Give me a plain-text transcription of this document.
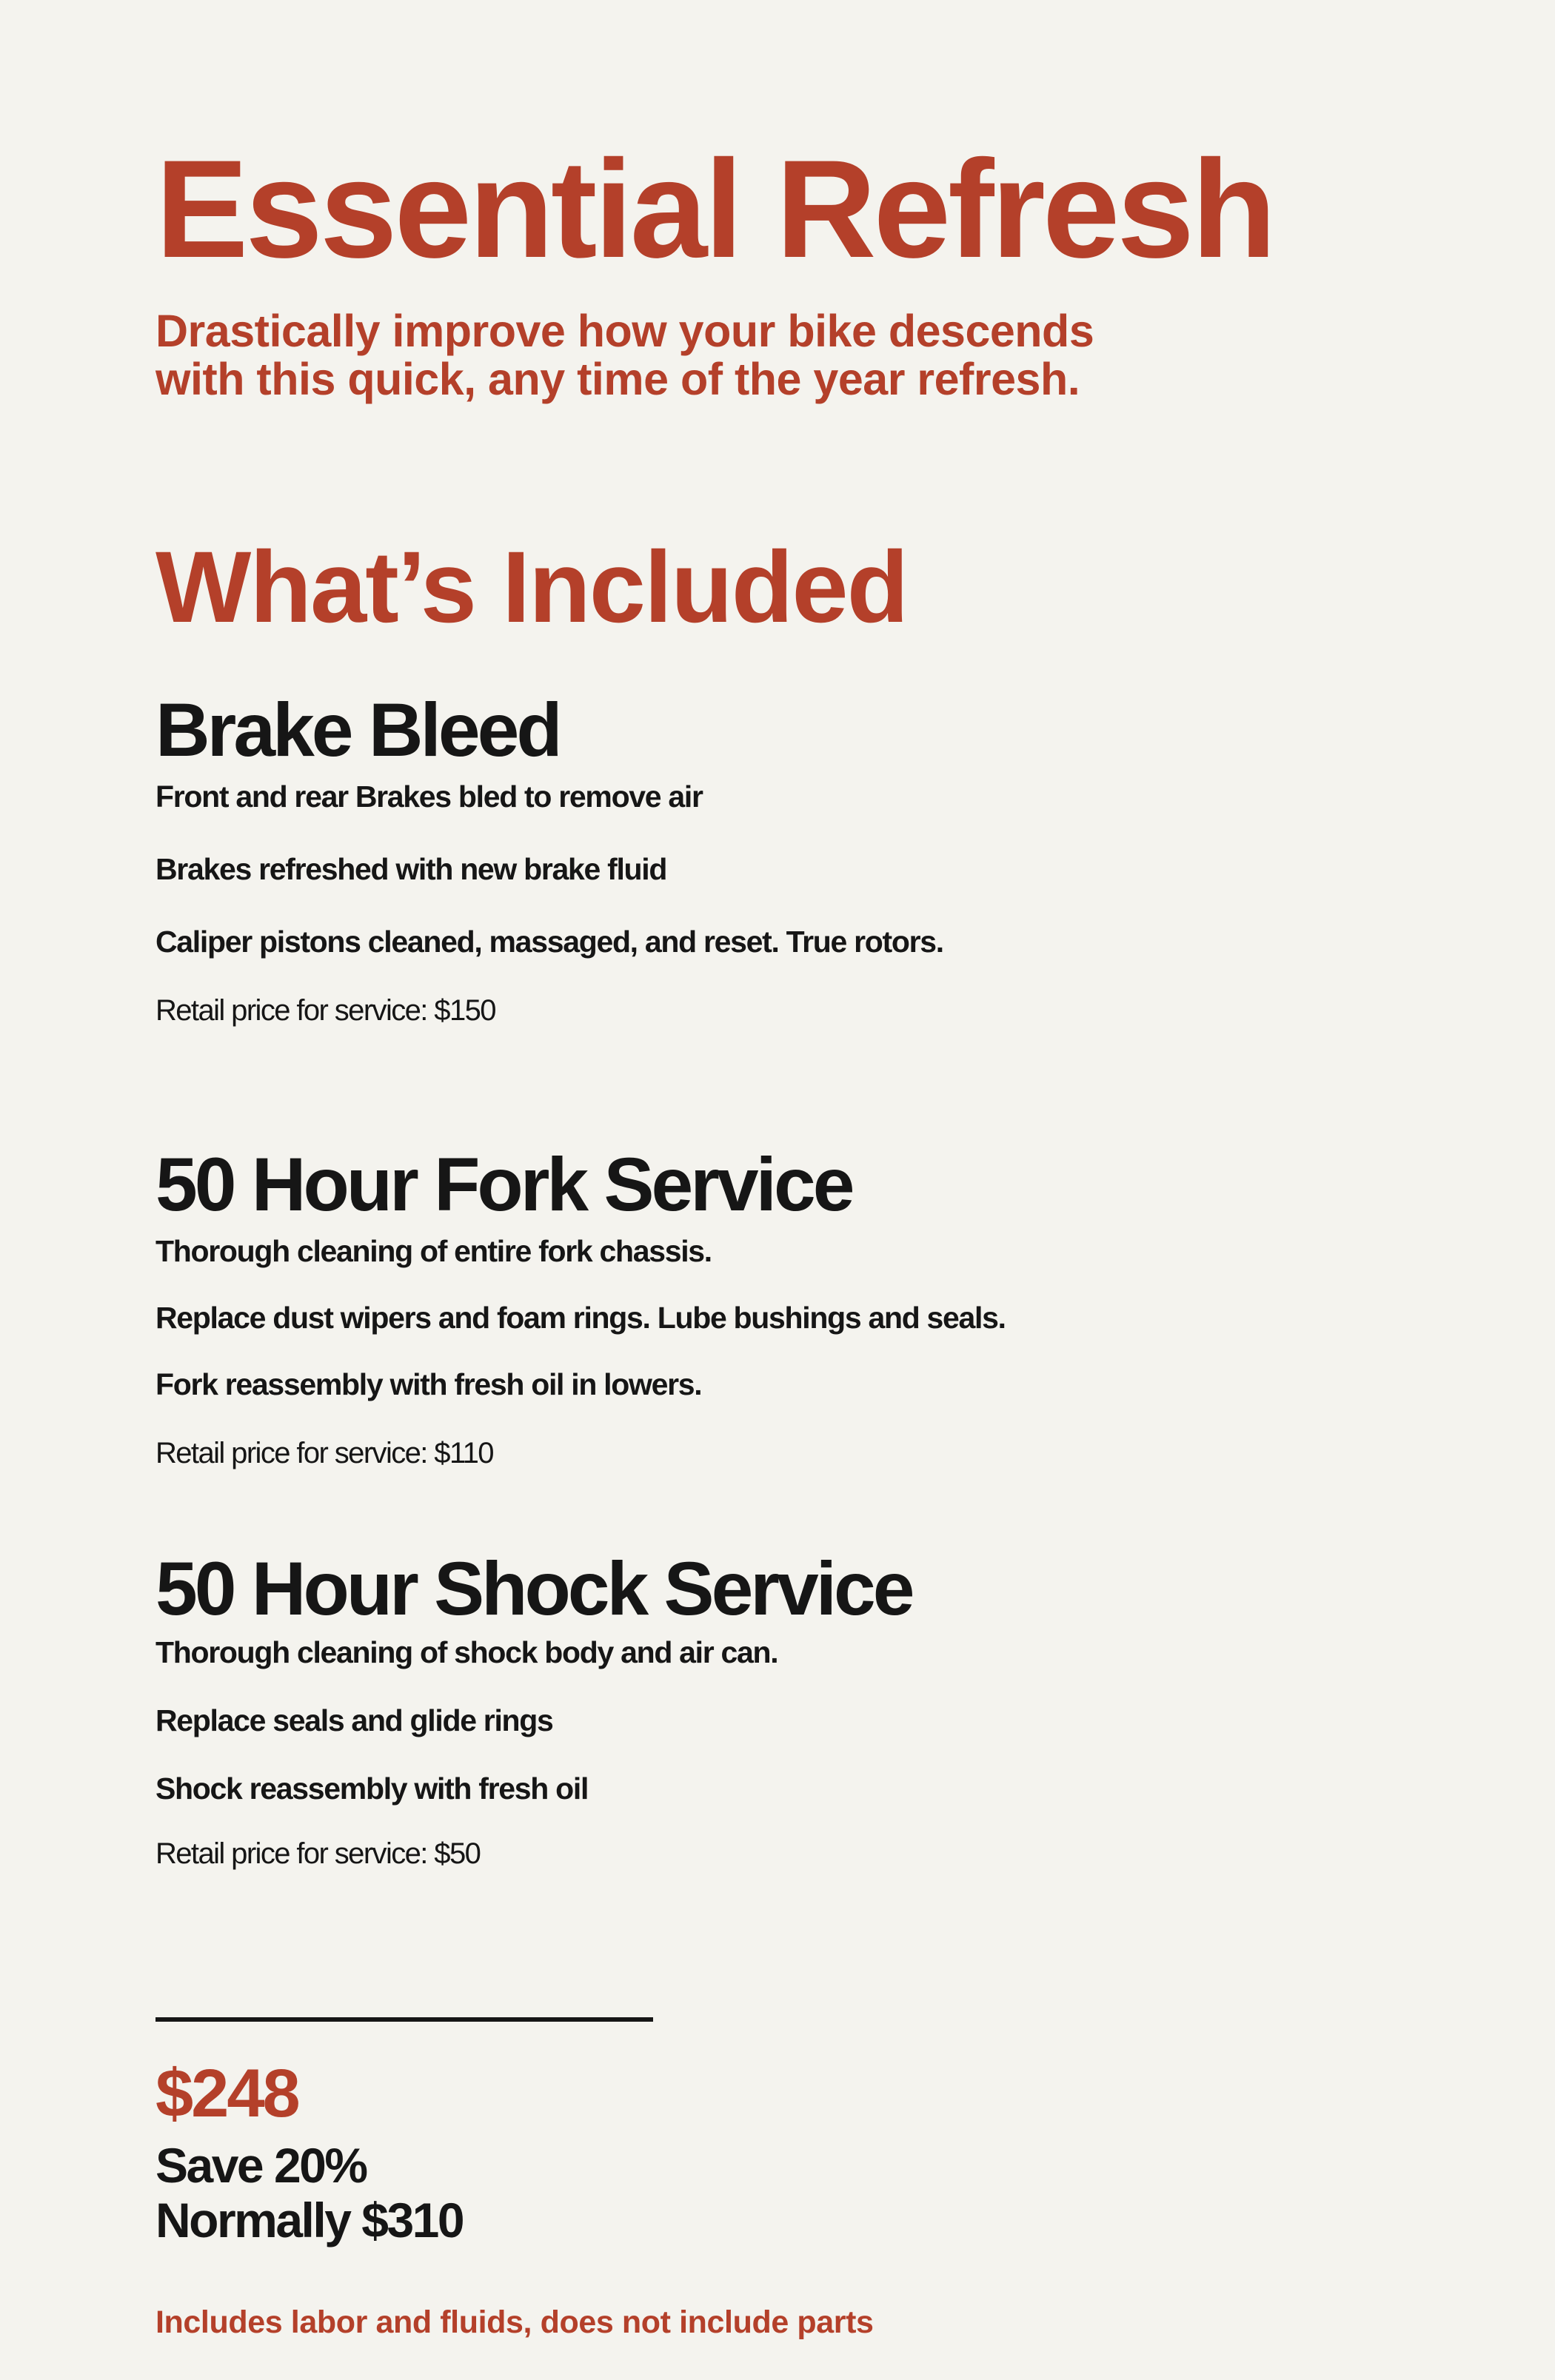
Essential Refresh

Drastically improve how your bike descends
with this quick, any time of the year refresh.

What’s Included
Brake Bleed
Front and rear Brakes bled to remove air
Brakes refreshed with new brake fluid
Caliper pistons cleaned, massaged, and reset. True rotors.
Retail price for service: $150
50 Hour Fork Service
Thorough cleaning of entire fork chassis.
Replace dust wipers and foam rings. Lube bushings and seals.
Fork reassembly with fresh oil in lowers.
Retail price for service: $110
50 Hour Shock Service
Thorough cleaning of shock body and air can.
Replace seals and glide rings
Shock reassembly with fresh oil
Retail price for service: $50
$248

Save 20%
Normally $310

Includes labor and fluids, does not include parts
